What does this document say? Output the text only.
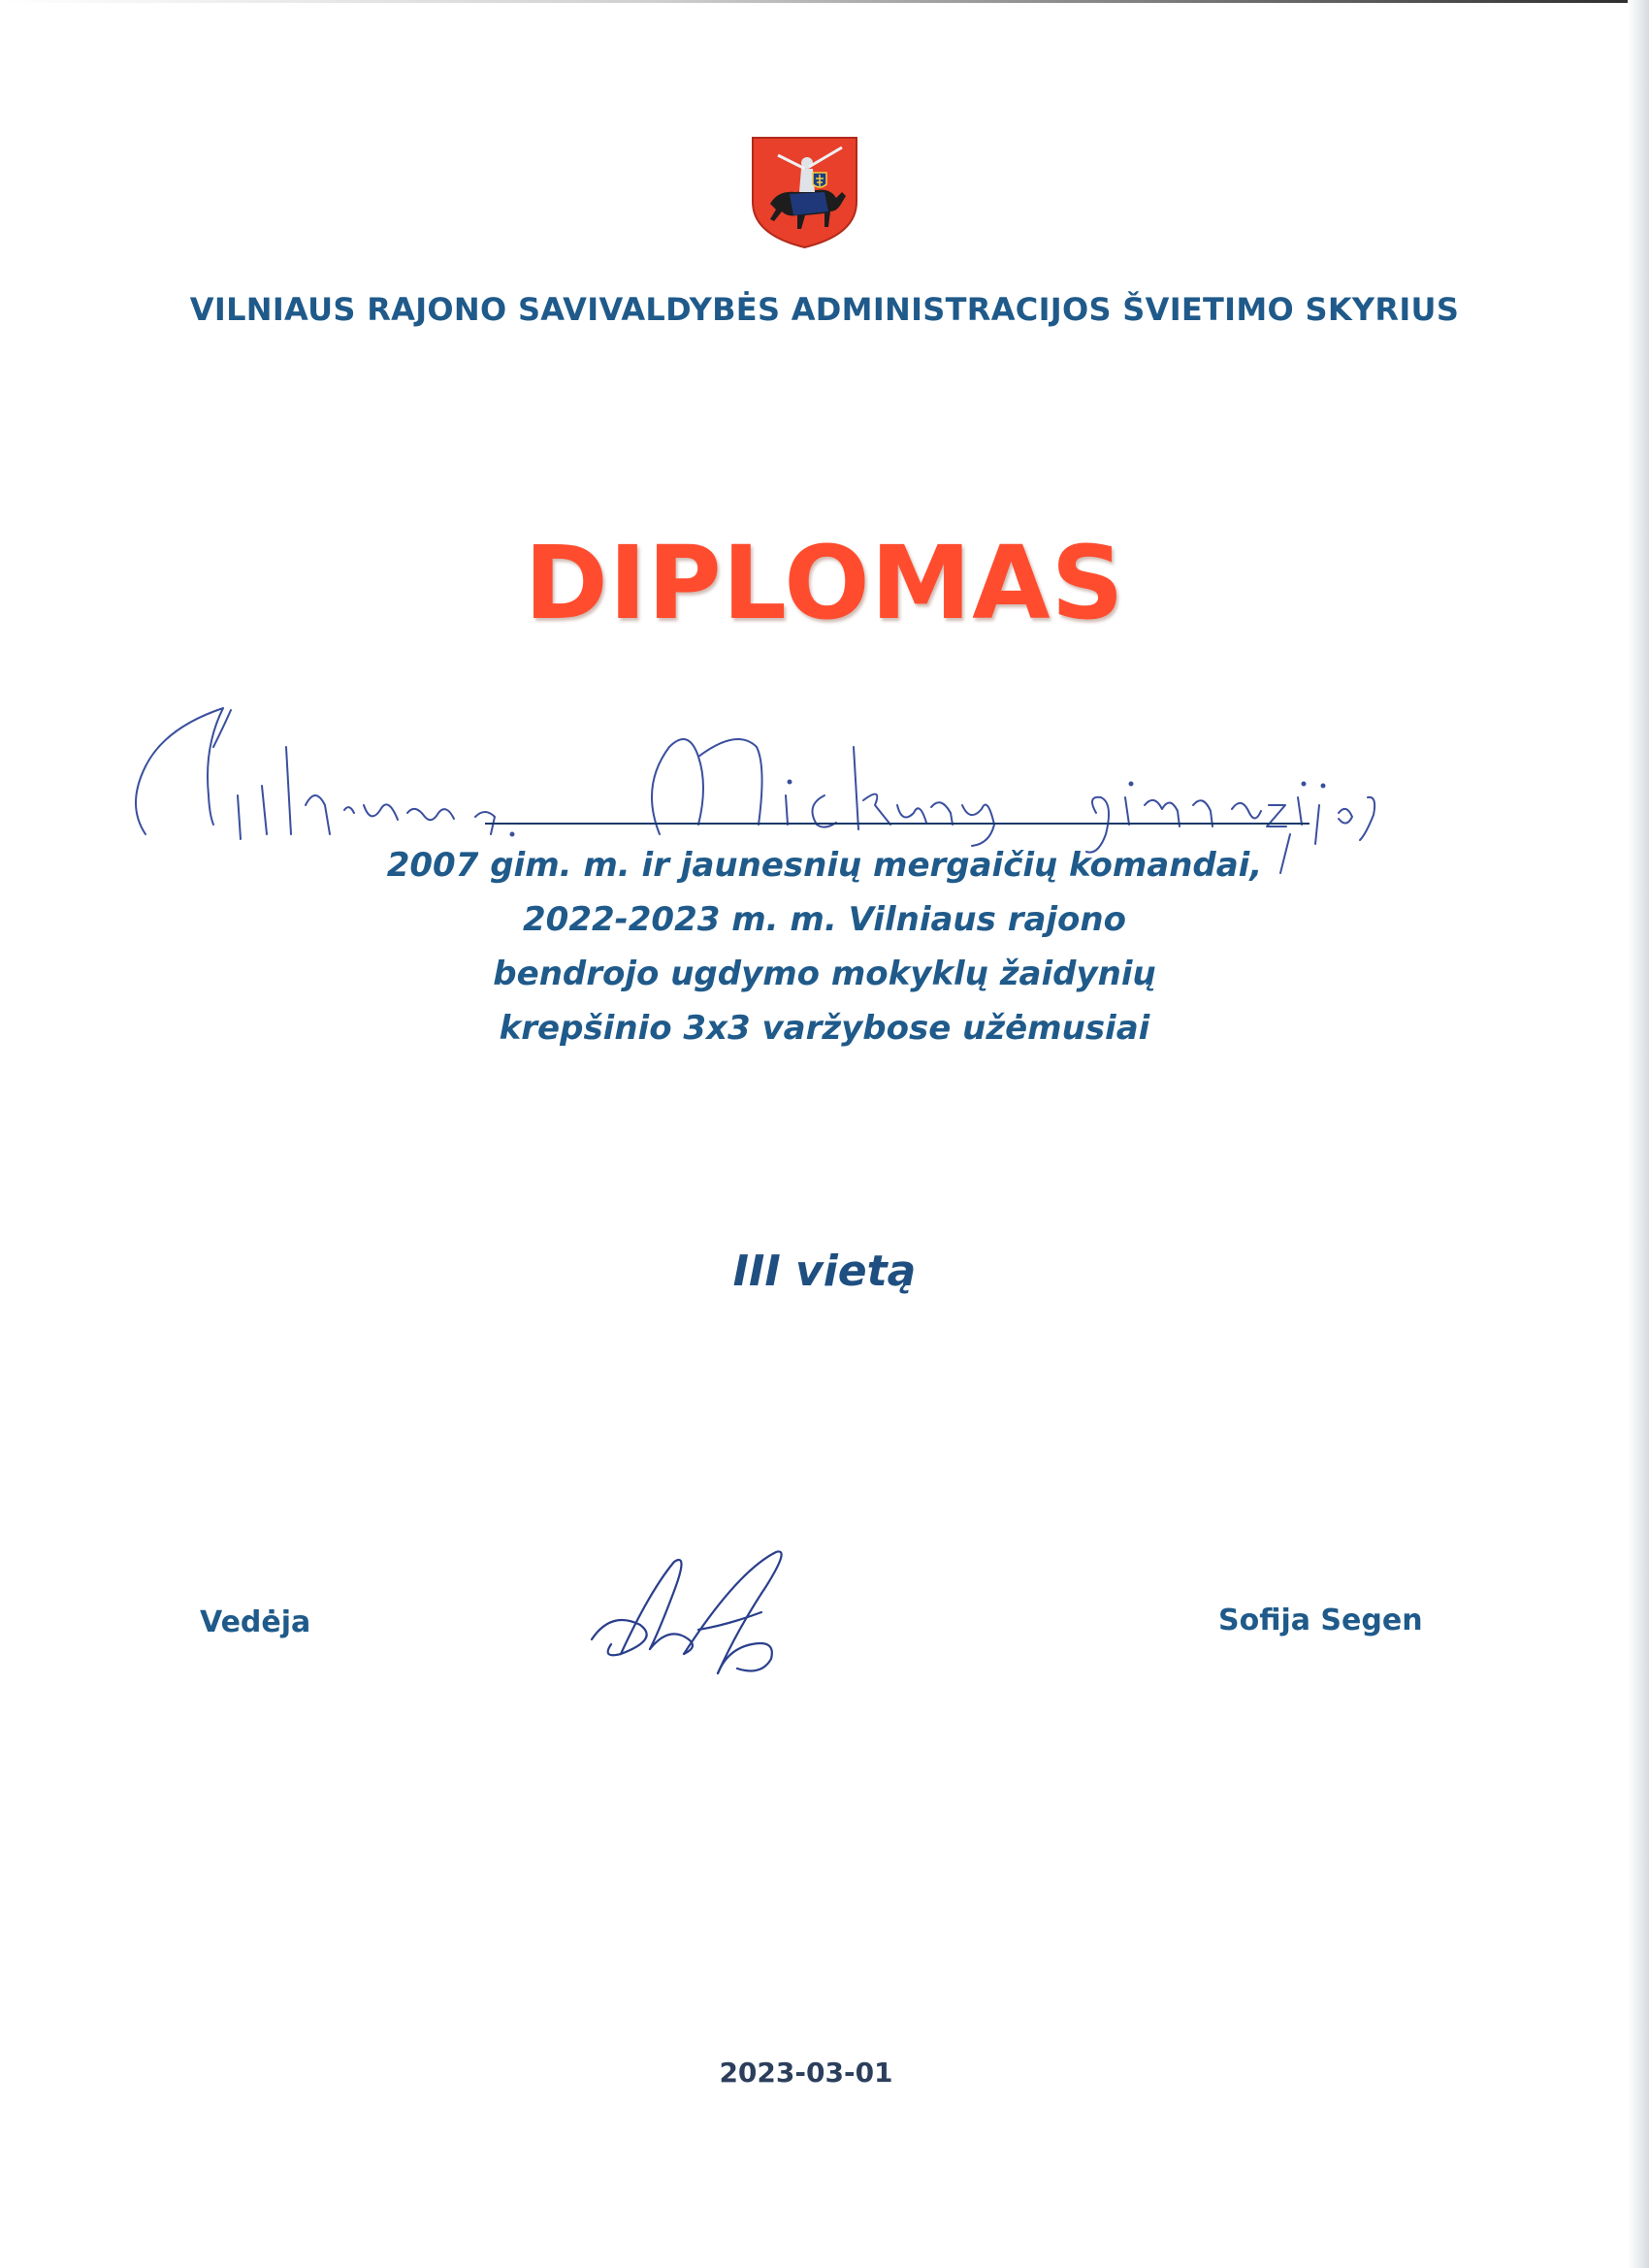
VILNIAUS RAJONO SAVIVALDYBĖS ADMINISTRACIJOS ŠVIETIMO SKYRIUS
DIPLOMAS
2007 gim. m. ir jaunesnių mergaičių komandai,
2022-2023 m. m. Vilniaus rajono
bendrojo ugdymo mokyklų žaidynių
krepšinio 3x3 varžybose užėmusiai
III vietą
Vedėja	Sofija Segen
2023-03-01
